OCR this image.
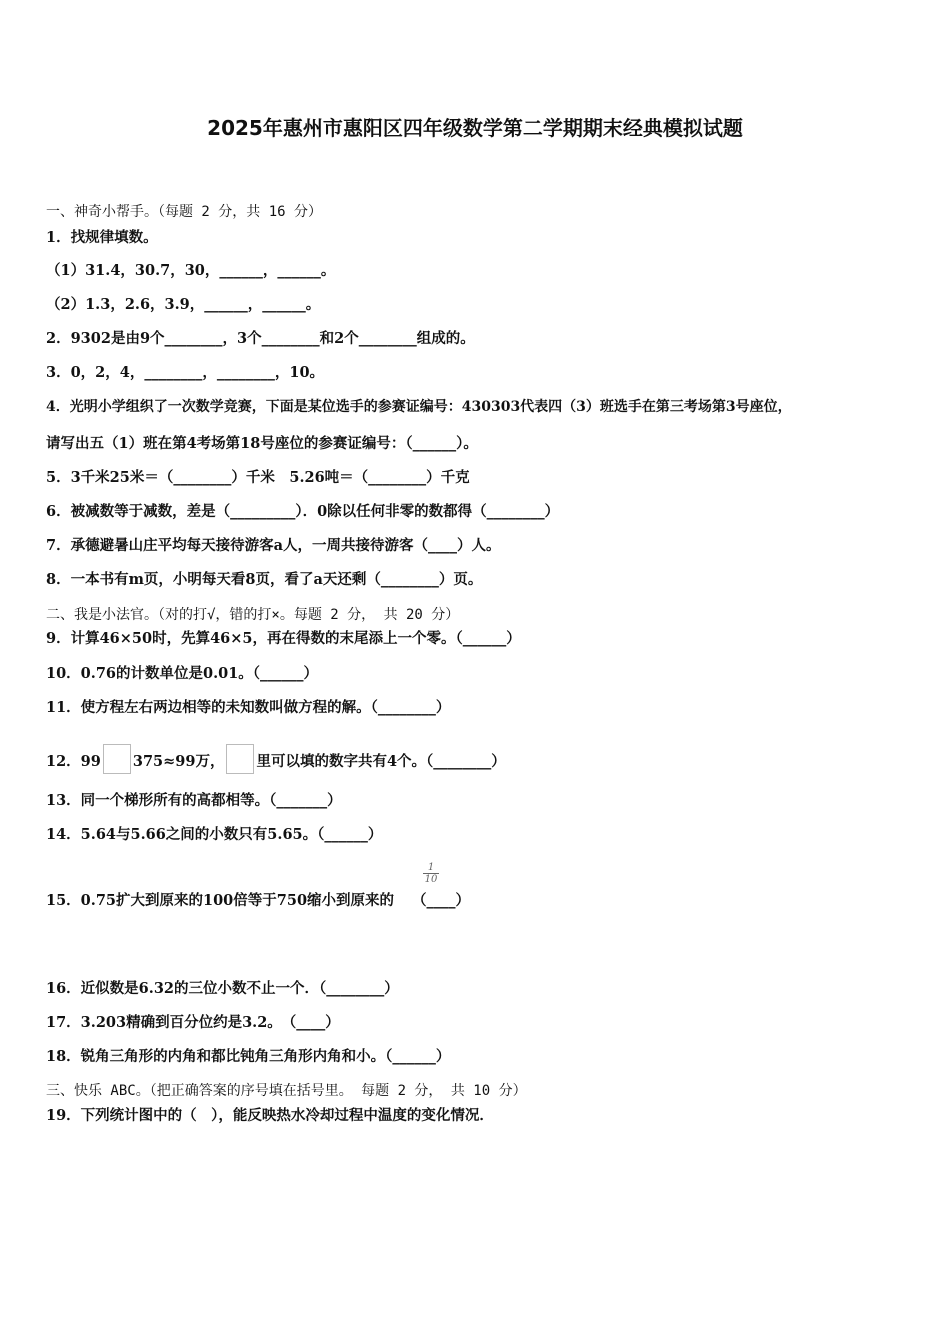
2025年惠州市惠阳区四年级数学第二学期期末经典模拟试题
一、神奇小帮手。（每题 2 分，共 16 分）
1．找规律填数。
（1）31.4，30.7，30，______，______。
（2）1.3，2.6，3.9，______，______。
2．9302是由9个________，3个________和2个________组成的。
3．0，2，4，________，________，10。
4．光明小学组织了一次数学竞赛，下面是某位选手的参赛证编号：430303代表四（3）班选手在第三考场第3号座位，
请写出五（1）班在第4考场第18号座位的参赛证编号：（______）。
5．3千米25米＝（________）千米　5.26吨＝（________）千克
6．被减数等于减数，差是（_________）．0除以任何非零的数都得（________）
7．承德避暑山庄平均每天接待游客a人，一周共接待游客（____）人。
8．一本书有m页，小明每天看8页，看了a天还剩（________）页。
二、我是小法官。（对的打√，错的打×。每题 2 分， 共 20 分）
9．计算46×50时，先算46×5，再在得数的末尾添上一个零。（______）
10．0.76的计数单位是0.01。（______）
11．使方程左右两边相等的未知数叫做方程的解。（________）
12．99 375≈99万， 里可以填的数字共有4个。（________）
13．同一个梯形所有的高都相等。（_______）
14．5.64与5.66之间的小数只有5.65。（______）
$\frac{1}{10}$
15．0.75扩大到原来的100倍等于750缩小到原来的 （____）
16．近似数是6.32的三位小数不止一个．（________）
17．3.203精确到百分位约是3.2。　（____）
18．锐角三角形的内角和都比钝角三角形内角和小。（______）
三、快乐 ABC。（把正确答案的序号填在括号里。 每题 2 分， 共 10 分）
19．下列统计图中的（　），能反映热水冷却过程中温度的变化情况．
